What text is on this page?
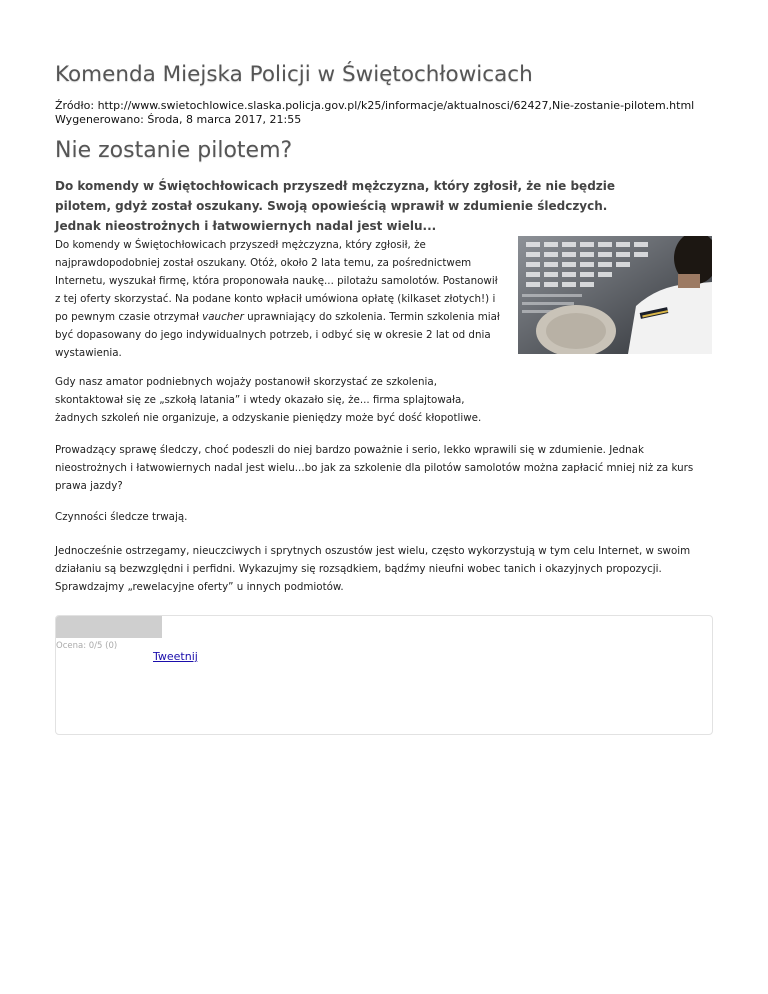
Komenda Miejska Policji w Świętochłowicach
Źródło: http://www.swietochlowice.slaska.policja.gov.pl/k25/informacje/aktualnosci/62427,Nie-zostanie-pilotem.html
Wygenerowano: Środa, 8 marca 2017, 21:55
Nie zostanie pilotem?

Do komendy w Świętochłowicach przyszedł mężczyzna, który zgłosił, że nie będzie pilotem, gdyż został oszukany. Swoją opowieścią wprawił w zdumienie śledczych. Jednak nieostrożnych i łatwowiernych nadal jest wielu...

Do komendy w Świętochłowicach przyszedł mężczyzna, który zgłosił, że najprawdopodobniej został oszukany. Otóż, około 2 lata temu, za pośrednictwem Internetu, wyszukał firmę, która proponowała naukę... pilotażu samolotów. Postanowił z tej oferty skorzystać. Na podane konto wpłacił umówiona opłatę (kilkaset złotych!) i po pewnym czasie otrzymał vaucher uprawniający do szkolenia. Termin szkolenia miał być dopasowany do jego indywidualnych potrzeb, i odbyć się w okresie 2 lat od dnia wystawienia.

Gdy nasz amator podniebnych wojaży postanowił skorzystać ze szkolenia, skontaktował się ze „szkołą latania” i wtedy okazało się, że... firma splajtowała, żadnych szkoleń nie organizuje, a odzyskanie pieniędzy może być dość kłopotliwe.

Prowadzący sprawę śledczy, choć podeszli do niej bardzo poważnie i serio, lekko wprawili się w zdumienie. Jednak nieostrożnych i łatwowiernych nadal jest wielu...bo jak za szkolenie dla pilotów samolotów można zapłacić mniej niż za kurs prawa jazdy?

Czynności śledcze trwają.

Jednocześnie ostrzegamy, nieuczciwych i sprytnych oszustów jest wielu, często wykorzystują w tym celu Internet, w swoim działaniu są bezwzględni i perfidni. Wykazujmy się rozsądkiem, bądźmy nieufni wobec tanich i okazyjnych propozycji. Sprawdzajmy „rewelacyjne oferty” u innych podmiotów.

Ocena: 0/5 (0)
Tweetnij
